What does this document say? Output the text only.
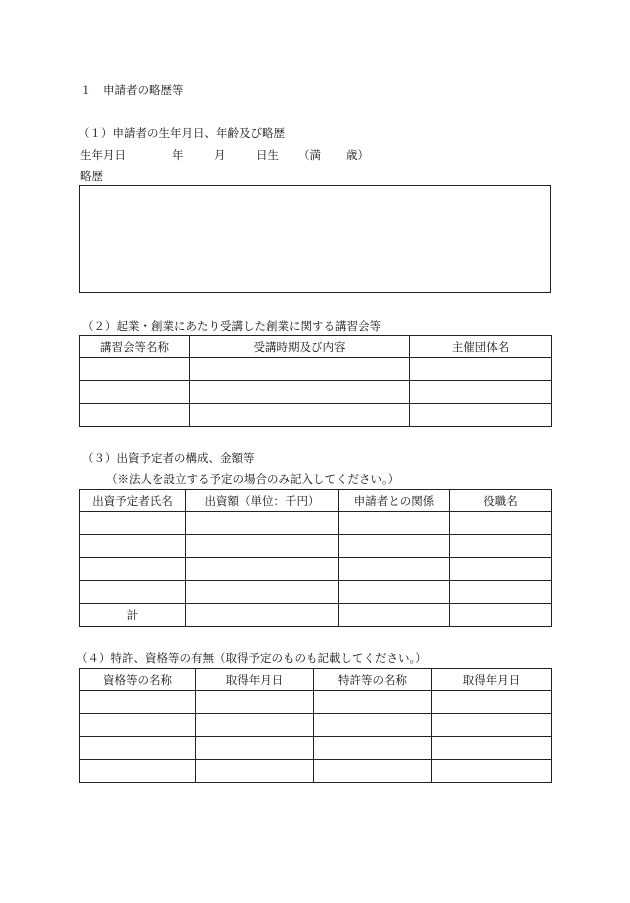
１　申請者の略歴等
（１）申請者の生年月日、年齢及び略歴
生年月日	年	月	日生 （満 歳）
略歴
（２）起業・創業にあたり受講した創業に関する講習会等
講習会等名称	受講時期及び内容	主催団体名

（３）出資予定者の構成、金額等
（※法人を設立する予定の場合のみ記入してください。）
出資予定者氏名	出資額（単位：千円）	申請者との関係	役職名

計			
（４）特許、資格等の有無（取得予定のものも記載してください。）
資格等の名称	取得年月日	特許等の名称	取得年月日
